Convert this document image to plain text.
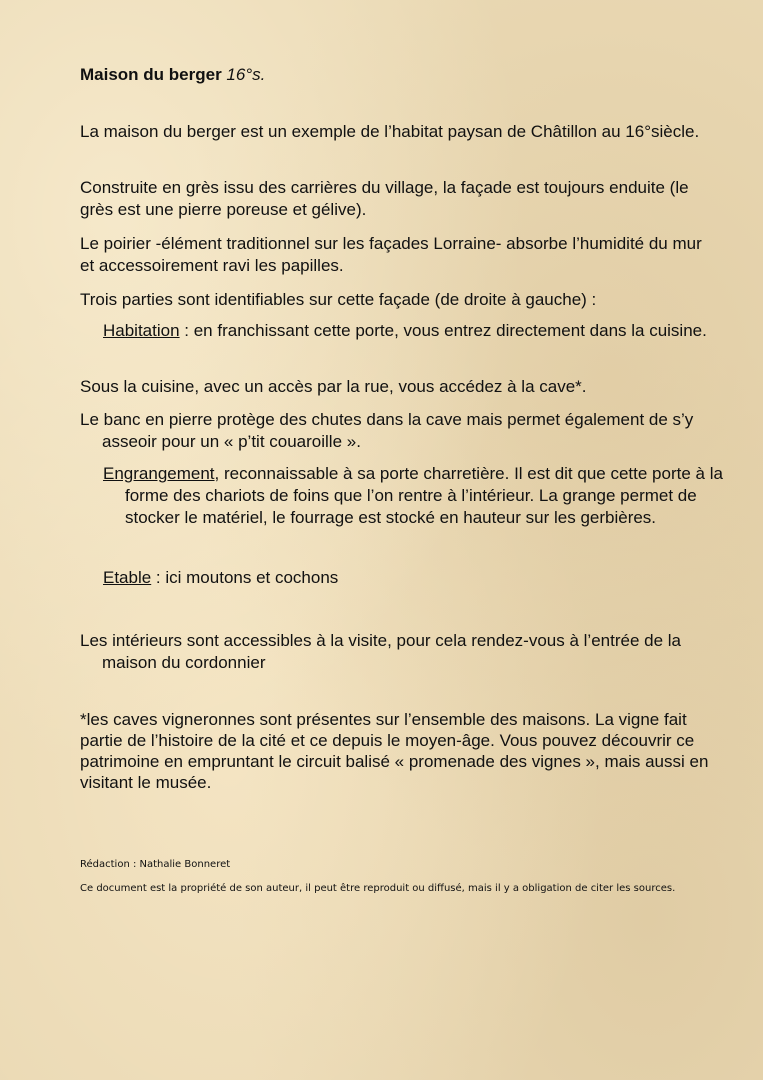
Maison du berger 16°s.

La maison du berger est un exemple de l’habitat paysan de Châtillon au 16°siècle.

Construite en grès issu des carrières du village, la façade est toujours enduite (le grès est une pierre poreuse et gélive).

Le poirier -élément traditionnel sur les façades Lorraine- absorbe l’humidité du mur et accessoirement ravi les papilles.

Trois parties sont identifiables sur cette façade (de droite à gauche) :

Habitation : en franchissant cette porte, vous entrez directement dans la cuisine.

Sous la cuisine, avec un accès par la rue, vous accédez à la cave*.

Le banc en pierre protège des chutes dans la cave mais permet également de s’y asseoir pour un « p’tit couaroille ».

Engrangement, reconnaissable à sa porte charretière. Il est dit que cette porte à la forme des chariots de foins que l’on rentre à l’intérieur. La grange permet de stocker le matériel, le fourrage est stocké en hauteur sur les gerbières.

Etable : ici moutons et cochons

Les intérieurs sont accessibles à la visite, pour cela rendez-vous à l’entrée de la maison du cordonnier

*les caves vigneronnes sont présentes sur l’ensemble des maisons. La vigne fait partie de l’histoire de la cité et ce depuis le moyen-âge. Vous pouvez découvrir ce patrimoine en empruntant le circuit balisé « promenade des vignes », mais aussi en visitant le musée.

Rédaction : Nathalie Bonneret

Ce document est la propriété de son auteur, il peut être reproduit ou diffusé, mais il y a obligation de citer les sources.
